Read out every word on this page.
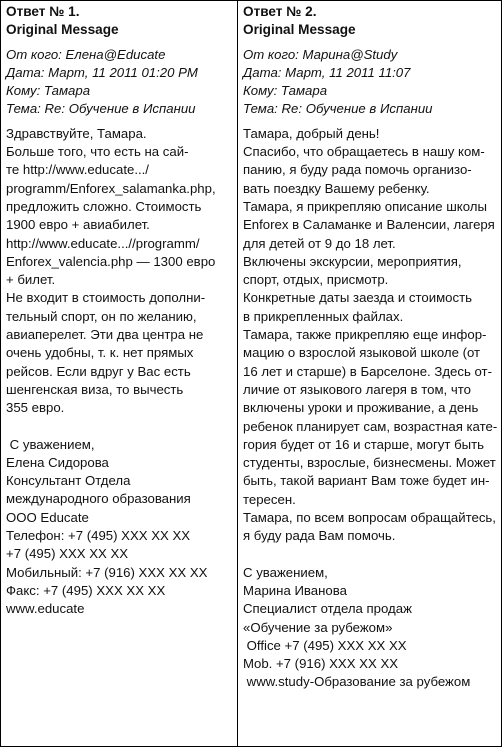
Ответ № 1.
Original Message
От кого: Елена@Educate
Дата: Март, 11 2011 01:20 PM
Кому: Тамара
Тема: Re: Обучение в Испании
Здравствуйте, Тамара.
Больше того, что есть на сай-
те http://www.educate.../
programm/Enforex_salamanka.php,
предложить сложно. Стоимость
1900 евро + авиабилет.
http://www.educate...//programm/
Enforex_valencia.php — 1300 евро
+ билет.
Не входит в стоимость дополни-
тельный спорт, он по желанию,
авиаперелет. Эти два центра не
очень удобны, т. к. нет прямых
рейсов. Если вдруг у Вас есть
шенгенская виза, то вычесть
355 евро.
С уважением,
Елена Сидорова
Консультант Отдела
международного образования
ООО Educate
Телефон: +7 (495) XXX XX XX
+7 (495) XXX XX XX
Мобильный: +7 (916) XXX XX XX
Факс: +7 (495) XXX XX XX
www.educate
Ответ № 2.
Original Message
От кого: Марина@Study
Дата: Март, 11 2011 11:07
Кому: Тамара
Тема: Re: Обучение в Испании
Тамара, добрый день!
Спасибо, что обращаетесь в нашу ком-
панию, я буду рада помочь организо-
вать поездку Вашему ребенку.
Тамара, я прикрепляю описание школы
Enforex в Саламанке и Валенсии, лагеря
для детей от 9 до 18 лет.
Включены экскурсии, мероприятия,
спорт, отдых, присмотр.
Конкретные даты заезда и стоимость
в прикрепленных файлах.
Тамара, также прикрепляю еще инфор-
мацию о взрослой языковой школе (от
16 лет и старше) в Барселоне. Здесь от-
личие от языкового лагеря в том, что
включены уроки и проживание, а день
ребенок планирует сам, возрастная кате-
гория будет от 16 и старше, могут быть
студенты, взрослые, бизнесмены. Может
быть, такой вариант Вам тоже будет ин-
тересен.
Тамара, по всем вопросам обращайтесь,
я буду рада Вам помочь.
С уважением,
Марина Иванова
Специалист отдела продаж
«Обучение за рубежом»
Office +7 (495) XXX XX XX
Mob. +7 (916) XXX XX XX
www.study-Образование за рубежом
